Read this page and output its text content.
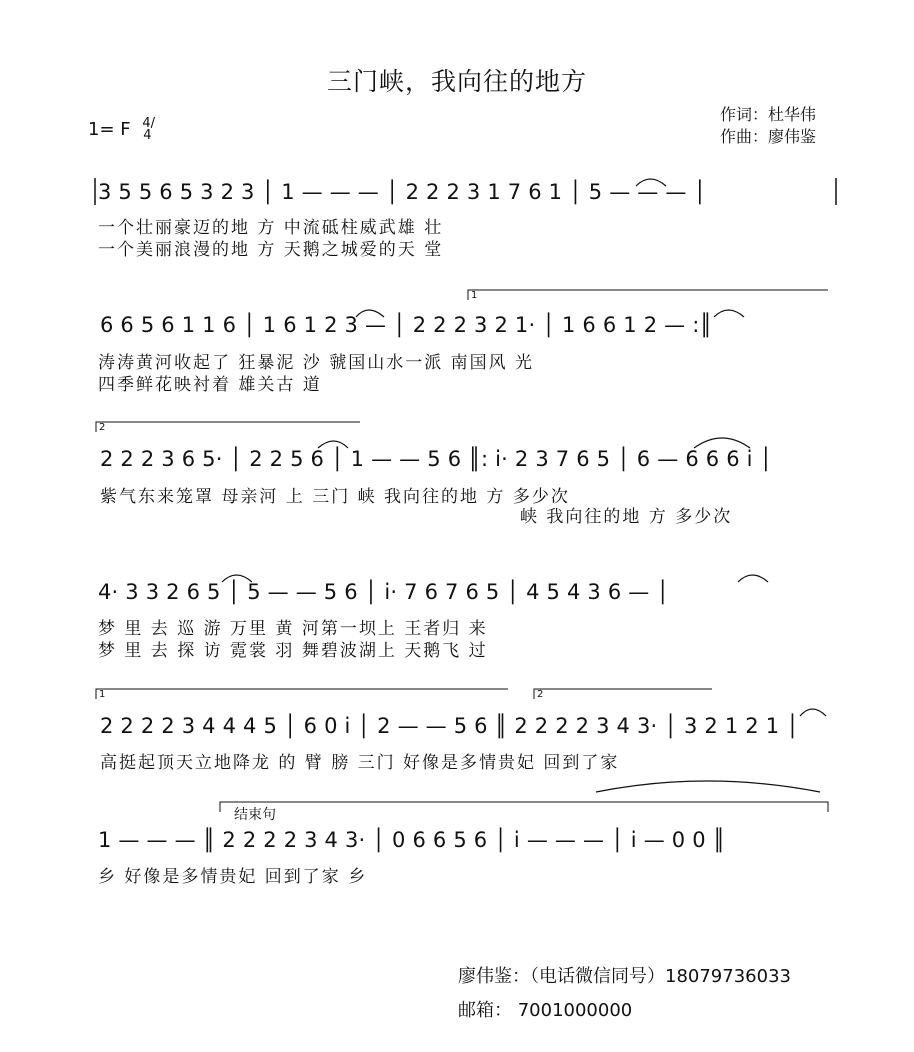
三门峡，我向往的地方
1= F 4/4
作词：杜华伟
作曲：廖伟鉴
1
2
1	2
结束句
3 5 5 6 5 3 2 3 │ 1 — — — │ 2 2 2 3 1 7 6 1 │ 5 — — — │
一个壮丽豪迈的地 方 中流砥柱威武雄 壮
一个美丽浪漫的地 方 天鹅之城爱的天 堂
6 6 5 6 1 1 6 │ 1 6 1 2 3 — │ 2 2 2 3 2 1· │ 1 6 6 1 2 — :║
涛涛黄河收起了 狂暴泥 沙 虢国山水一派 南国风 光
四季鲜花映衬着 雄关古 道
2 2 2 3 6 5· │ 2 2 5 6 │ 1 — — 5 6 ║: i· 2 3 7 6 5 │ 6 — 6 6 6 i │
紫气东来笼罩 母亲河 上 三门 峡 我向往的地 方 多少次
峡 我向往的地 方 多少次
4· 3 3 2 6 5 │ 5 — — 5 6 │ i· 7 6 7 6 5 │ 4 5 4 3 6 — │
梦 里 去 巡 游 万里 黄 河第一坝上 王者归 来
梦 里 去 探 访 霓裳 羽 舞碧波湖上 天鹅飞 过
2 2 2 2 3 4 4 4 5 │ 6 0 i │ 2 — — 5 6 ║ 2 2 2 2 3 4 3· │ 3 2 1 2 1 │
高挺起顶天立地降龙 的 臂 膀 三门 好像是多情贵妃 回到了家
1 — — — ║ 2 2 2 2 3 4 3· │ 0 6 6 5 6 │ i — — — │ i — 0 0 ║
乡 好像是多情贵妃 回到了家 乡
廖伟鉴：（电话微信同号）18079736033
邮箱： 7001000000
